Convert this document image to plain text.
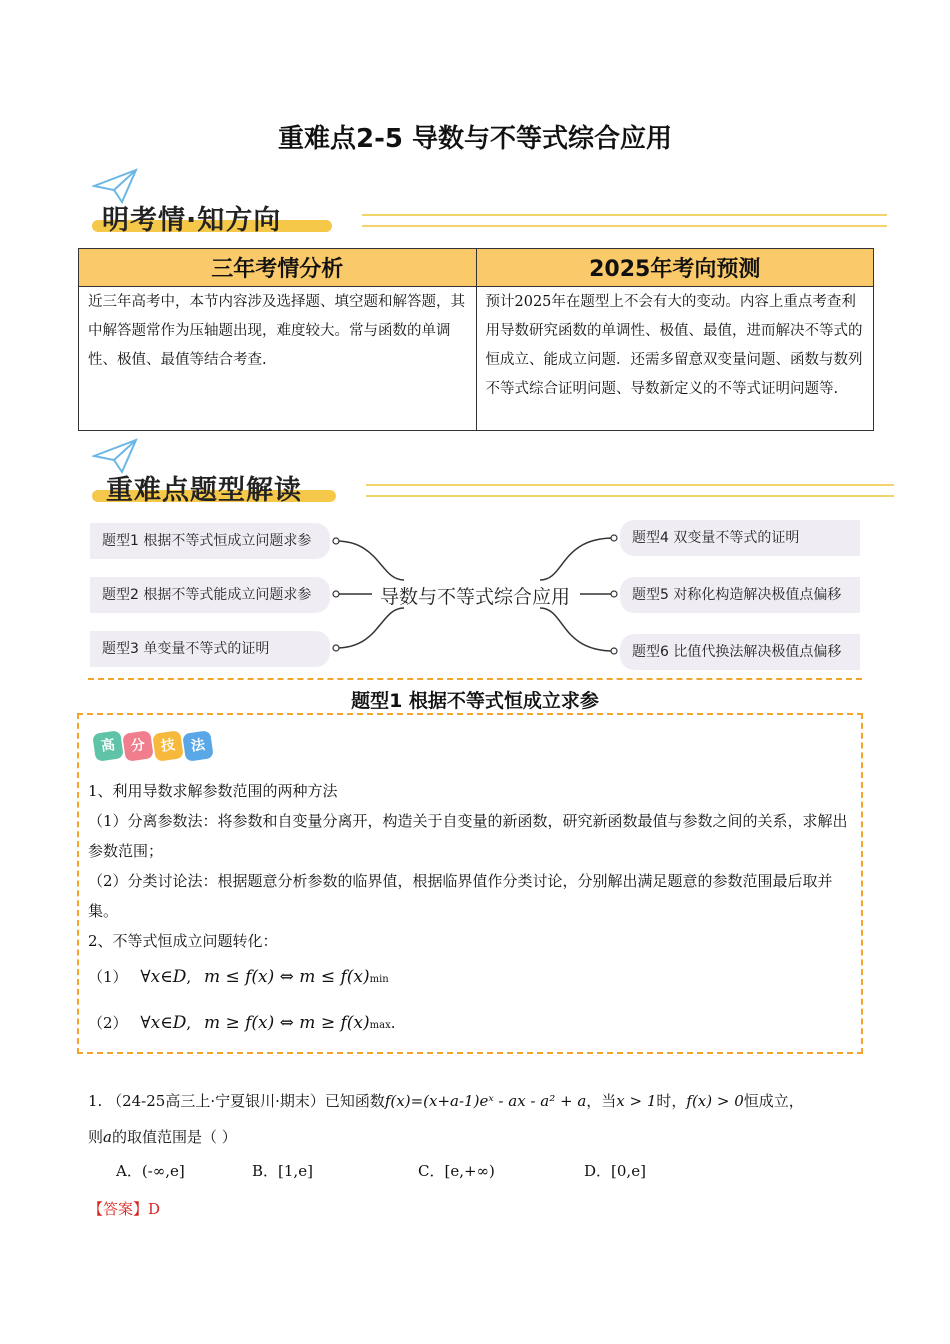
重难点2-5 导数与不等式综合应用
明考情·知方向
三年考情分析	2025年考向预测
近三年高考中，本节内容涉及选择题、填空题和解答题，其中解答题常作为压轴题出现，难度较大。常与函数的单调性、极值、最值等结合考查.	预计2025年在题型上不会有大的变动。内容上重点考查利用导数研究函数的单调性、极值、最值，进而解决不等式的恒成立、能成立问题．还需多留意双变量问题、函数与数列不等式综合证明问题、导数新定义的不等式证明问题等.
重难点题型解读
题型1 根据不等式恒成立问题求参
题型2 根据不等式能成立问题求参
题型3 单变量不等式的证明
导数与不等式综合应用
题型4 双变量不等式的证明
题型5 对称化构造解决极值点偏移
题型6 比值代换法解决极值点偏移
题型1 根据不等式恒成立求参
高 分 技 法
1、利用导数求解参数范围的两种方法
（1）分离参数法：将参数和自变量分离开，构造关于自变量的新函数，研究新函数最值与参数之间的关系，求解出参数范围；
（2）分类讨论法：根据题意分析参数的临界值，根据临界值作分类讨论，分别解出满足题意的参数范围最后取并集。
2、不等式恒成立问题转化：
（1） ∀x∈D, m ≤ f(x) ⇔ m ≤ f(x)min
（2） ∀x∈D, m ≥ f(x) ⇔ m ≥ f(x)max.
1. （24-25高三上·宁夏银川·期末）已知函数f(x)=(x+a-1)eˣ - ax - a² + a，当x > 1时，f(x) > 0恒成立，
则a的取值范围是（ ）
A．(-∞,e]	B．[1,e]	C．[e,+∞)	D．[0,e]
【答案】D
